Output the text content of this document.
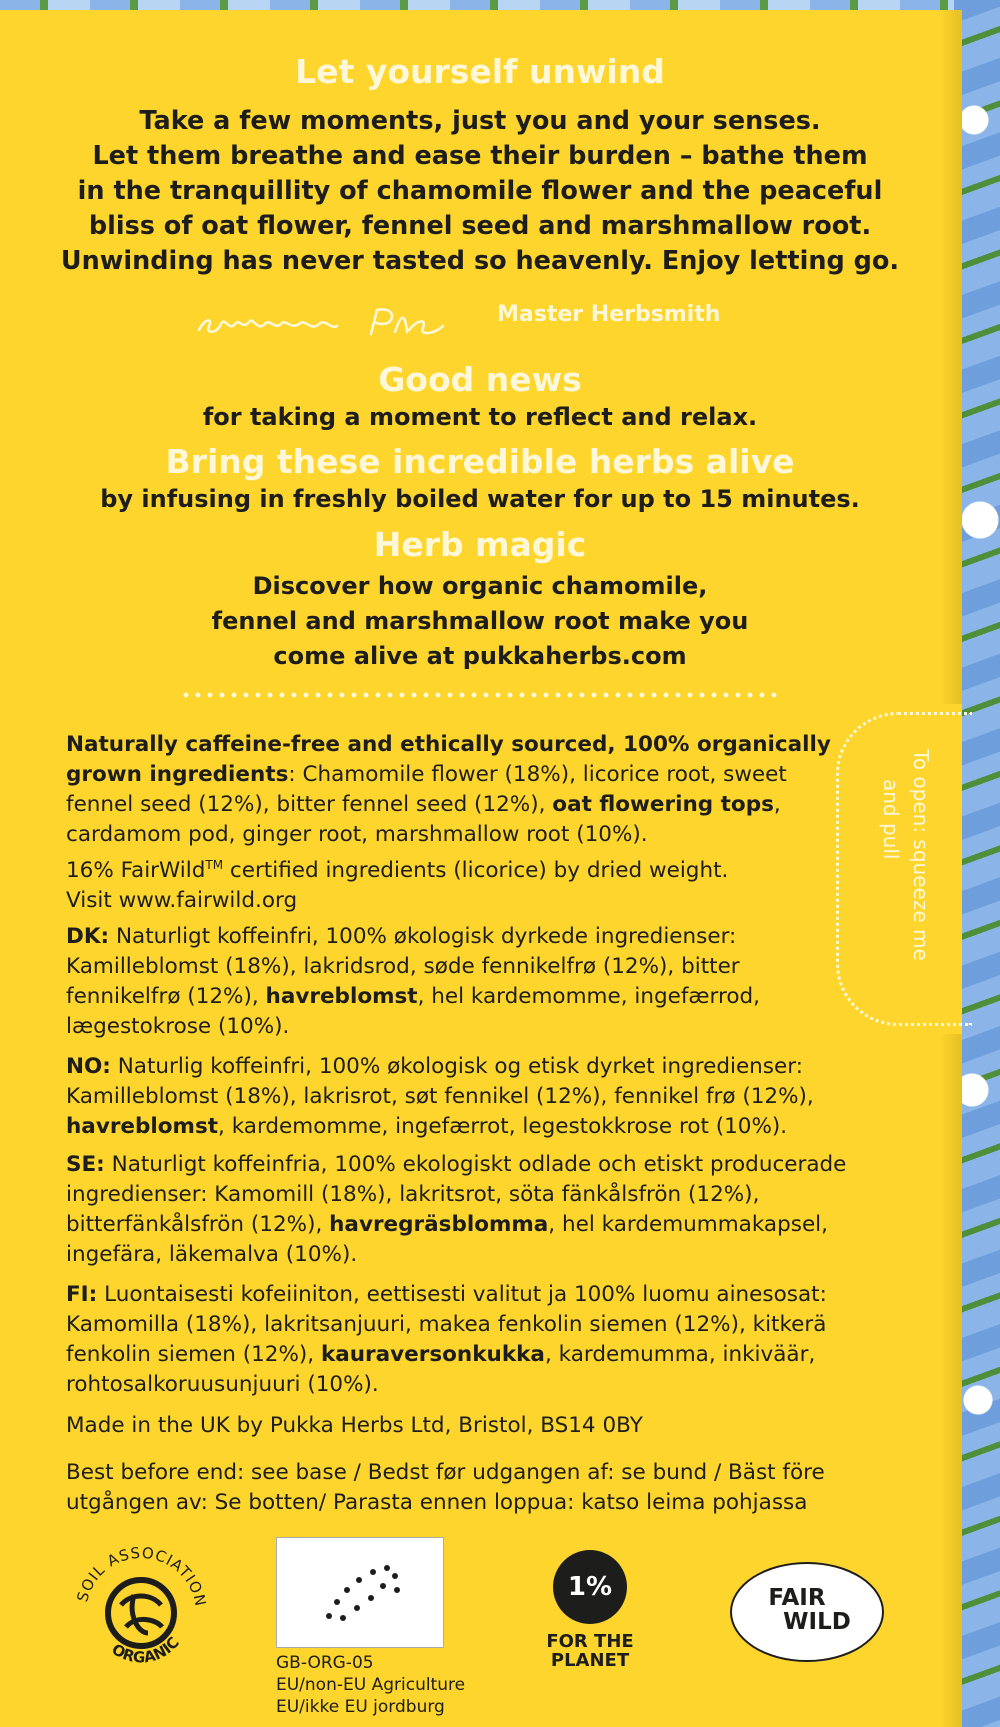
Let yourself unwind
Take a few moments, just you and your senses.
Let them breathe and ease their burden – bathe them
in the tranquillity of chamomile flower and the peaceful
bliss of oat flower, fennel seed and marshmallow root.
Unwinding has never tasted so heavenly. Enjoy letting go.
Master Herbsmith
Good news
for taking a moment to reflect and relax.
Bring these incredible herbs alive
by infusing in freshly boiled water for up to 15 minutes.
Herb magic
Discover how organic chamomile,
fennel and marshmallow root make you
come alive at pukkaherbs.com
Naturally caffeine-free and ethically sourced, 100% organically
grown ingredients: Chamomile flower (18%), licorice root, sweet
fennel seed (12%), bitter fennel seed (12%), oat flowering tops,
cardamom pod, ginger root, marshmallow root (10%).
16% FairWild™ certified ingredients (licorice) by dried weight.
Visit www.fairwild.org
DK: Naturligt koffeinfri, 100% økologisk dyrkede ingredienser:
Kamilleblomst (18%), lakridsrod, søde fennikelfrø (12%), bitter
fennikelfrø (12%), havreblomst, hel kardemomme, ingefærrod,
lægestokrose (10%).
NO: Naturlig koffeinfri, 100% økologisk og etisk dyrket ingredienser:
Kamilleblomst (18%), lakrisrot, søt fennikel (12%), fennikel frø (12%),
havreblomst, kardemomme, ingefærrot, legestokkrose rot (10%).
SE: Naturligt koffeinfria, 100% ekologiskt odlade och etiskt producerade
ingredienser: Kamomill (18%), lakritsrot, söta fänkålsfrön (12%),
bitterfänkålsfrön (12%), havregräsblomma, hel kardemummakapsel,
ingefära, läkemalva (10%).
FI: Luontaisesti kofeiiniton, eettisesti valitut ja 100% luomu ainesosat:
Kamomilla (18%), lakritsanjuuri, makea fenkolin siemen (12%), kitkerä
fenkolin siemen (12%), kauraversonkukka, kardemumma, inkiväär,
rohtosalkoruusunjuuri (10%).
Made in the UK by Pukka Herbs Ltd, Bristol, BS14 0BY
Best before end: see base / Bedst før udgangen af: se bund / Bäst före
utgången av: Se botten/ Parasta ennen loppua: katso leima pohjassa
To open: squeeze me
and pull
SOIL ASSOCIATION
ORGANIC
GB-ORG-05
EU/non-EU Agriculture
EU/ikke EU jordburg
1%
FOR THE
PLANET
FAIR
WILD
